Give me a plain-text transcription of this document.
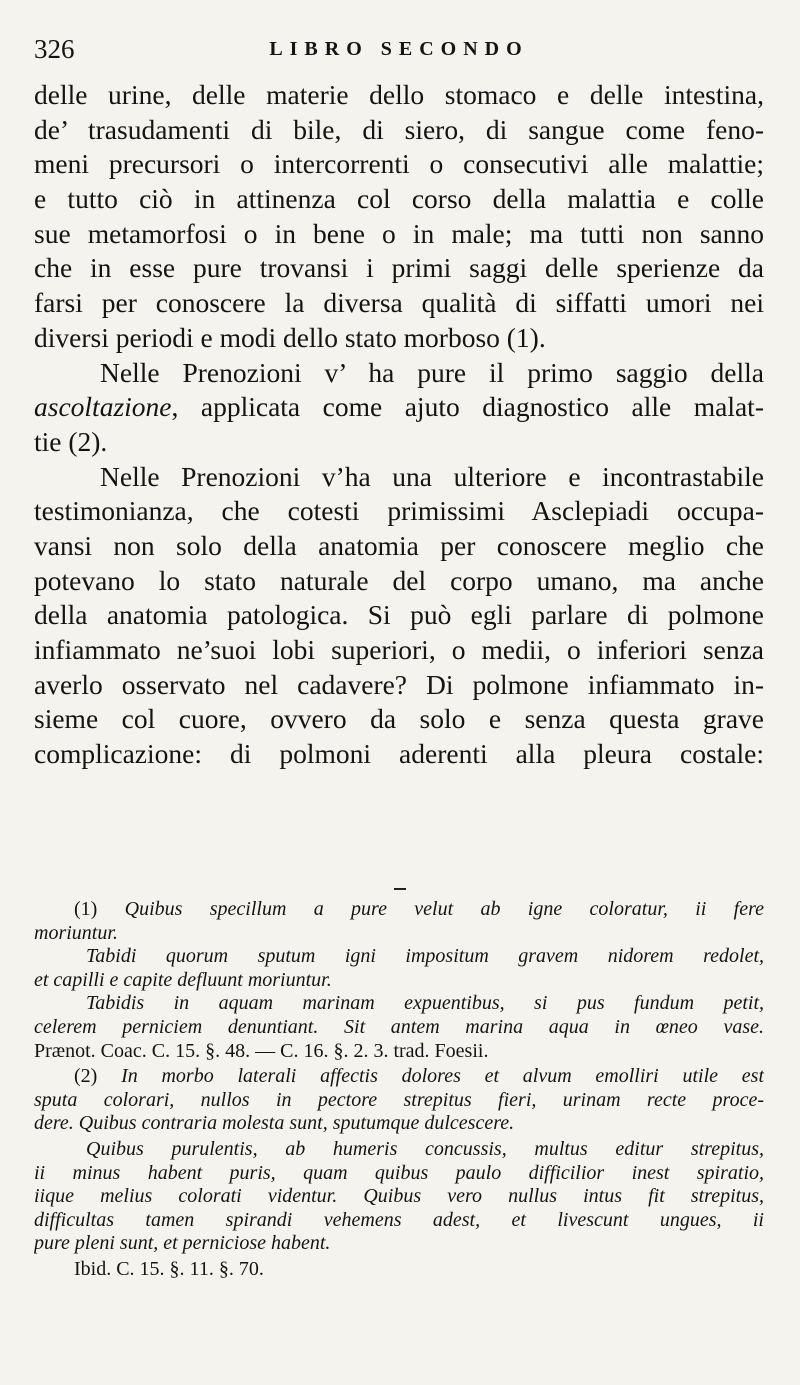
326	LIBRO SECONDO
delle urine, delle materie dello stomaco e delle intestina,
de’ trasudamenti di bile, di siero, di sangue come feno-
meni precursori o intercorrenti o consecutivi alle malattie;
e tutto ciò in attinenza col corso della malattia e colle
sue metamorfosi o in bene o in male; ma tutti non sanno
che in esse pure trovansi i primi saggi delle sperienze da
farsi per conoscere la diversa qualità di siffatti umori nei
diversi periodi e modi dello stato morboso (1).
Nelle Prenozioni v’ ha pure il primo saggio della
ascoltazione, applicata come ajuto diagnostico alle malat-
tie (2).
Nelle Prenozioni v’ha una ulteriore e incontrastabile
testimonianza, che cotesti primissimi Asclepiadi occupa-
vansi non solo della anatomia per conoscere meglio che
potevano lo stato naturale del corpo umano, ma anche
della anatomia patologica. Si può egli parlare di polmone
infiammato ne’suoi lobi superiori, o medii, o inferiori senza
averlo osservato nel cadavere? Di polmone infiammato in-
sieme col cuore, ovvero da solo e senza questa grave
complicazione: di polmoni aderenti alla pleura costale:
(1) Quibus specillum a pure velut ab igne coloratur, ii fere
moriuntur.
Tabidi quorum sputum igni impositum gravem nidorem redolet,
et capilli e capite defluunt moriuntur.
Tabidis in aquam marinam expuentibus, si pus fundum petit,
celerem perniciem denuntiant. Sit antem marina aqua in œneo vase.
Prænot. Coac. C. 15. §. 48. — C. 16. §. 2. 3. trad. Foesii.
(2) In morbo laterali affectis dolores et alvum emolliri utile est
sputa colorari, nullos in pectore strepitus fieri, urinam recte proce-
dere. Quibus contraria molesta sunt, sputumque dulcescere.
Quibus purulentis, ab humeris concussis, multus editur strepitus,
ii minus habent puris, quam quibus paulo difficilior inest spiratio,
iique melius colorati videntur. Quibus vero nullus intus fit strepitus,
difficultas tamen spirandi vehemens adest, et livescunt ungues, ii
pure pleni sunt, et perniciose habent.
Ibid. C. 15. §. 11. §. 70.
